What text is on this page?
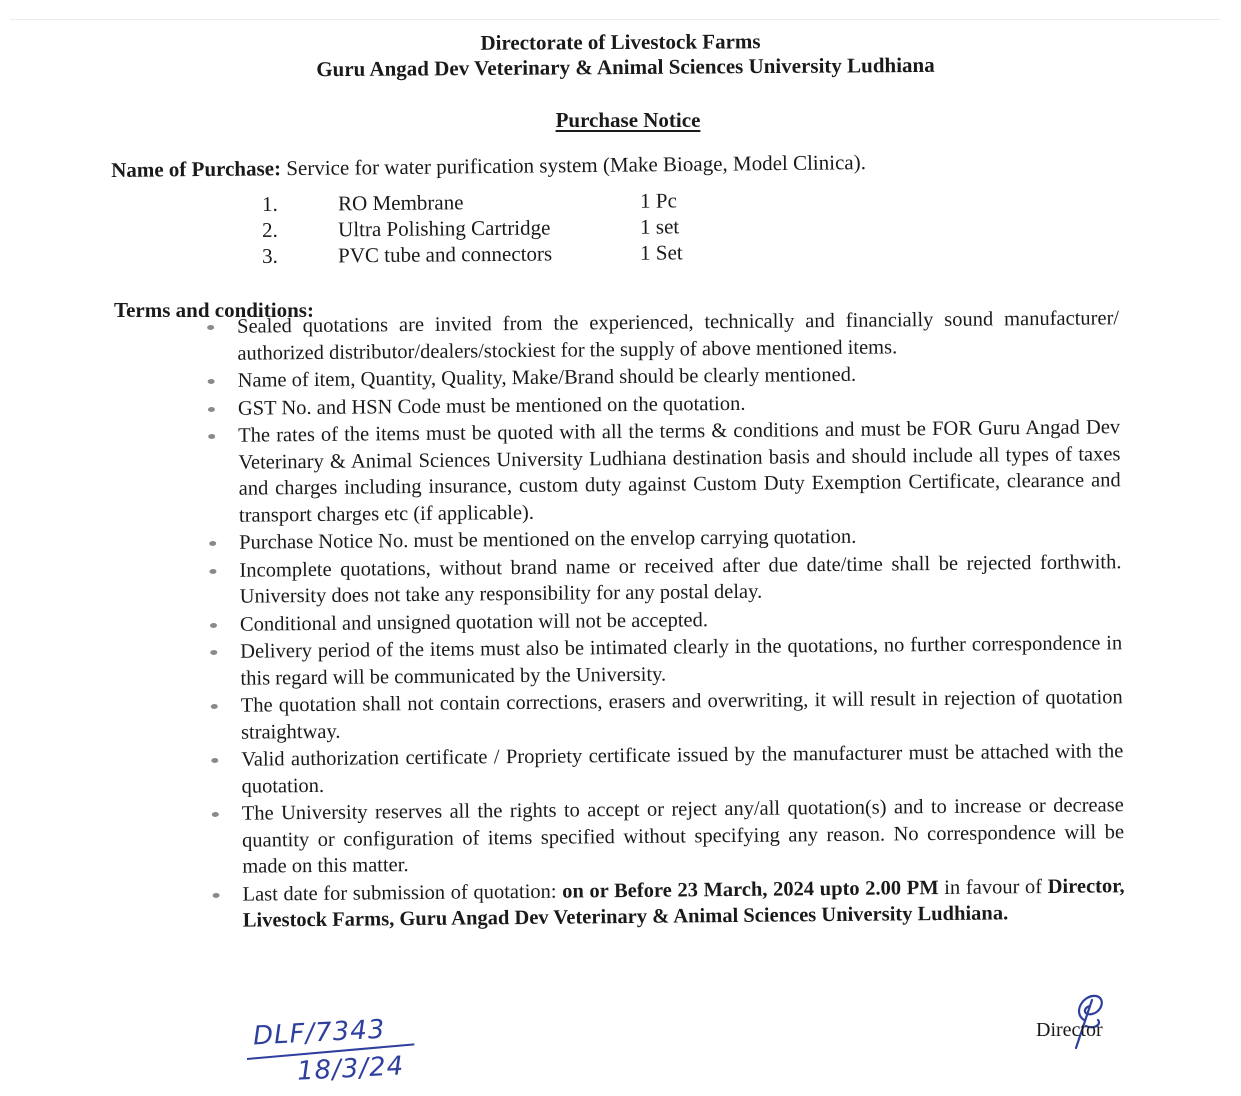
Directorate of Livestock Farms
Guru Angad Dev Veterinary & Animal Sciences University Ludhiana
Purchase Notice
Name of Purchase: Service for water purification system (Make Bioage, Model Clinica).
1.	RO Membrane	1 Pc
2.	Ultra Polishing Cartridge	1 set
3.	PVC tube and connectors	1 Set
Terms and conditions:
Sealed quotations are invited from the experienced, technically and financially sound manufacturer/ authorized distributor/dealers/stockiest for the supply of above mentioned items.
Name of item, Quantity, Quality, Make/Brand should be clearly mentioned.
GST No. and HSN Code must be mentioned on the quotation.
The rates of the items must be quoted with all the terms & conditions and must be FOR Guru Angad Dev Veterinary & Animal Sciences University Ludhiana destination basis and should include all types of taxes and charges including insurance, custom duty against Custom Duty Exemption Certificate, clearance and transport charges etc (if applicable).
Purchase Notice No. must be mentioned on the envelop carrying quotation.
Incomplete quotations, without brand name or received after due date/time shall be rejected forthwith. University does not take any responsibility for any postal delay.
Conditional and unsigned quotation will not be accepted.
Delivery period of the items must also be intimated clearly in the quotations, no further correspondence in this regard will be communicated by the University.
The quotation shall not contain corrections, erasers and overwriting, it will result in rejection of quotation straightway.
Valid authorization certificate / Propriety certificate issued by the manufacturer must be attached with the quotation.
The University reserves all the rights to accept or reject any/all quotation(s) and to increase or decrease quantity or configuration of items specified without specifying any reason. No correspondence will be made on this matter.
Last date for submission of quotation: on or Before 23 March, 2024 upto 2.00 PM in favour of Director, Livestock Farms, Guru Angad Dev Veterinary & Animal Sciences University Ludhiana.
DLF/7343
18/3/24
Director
